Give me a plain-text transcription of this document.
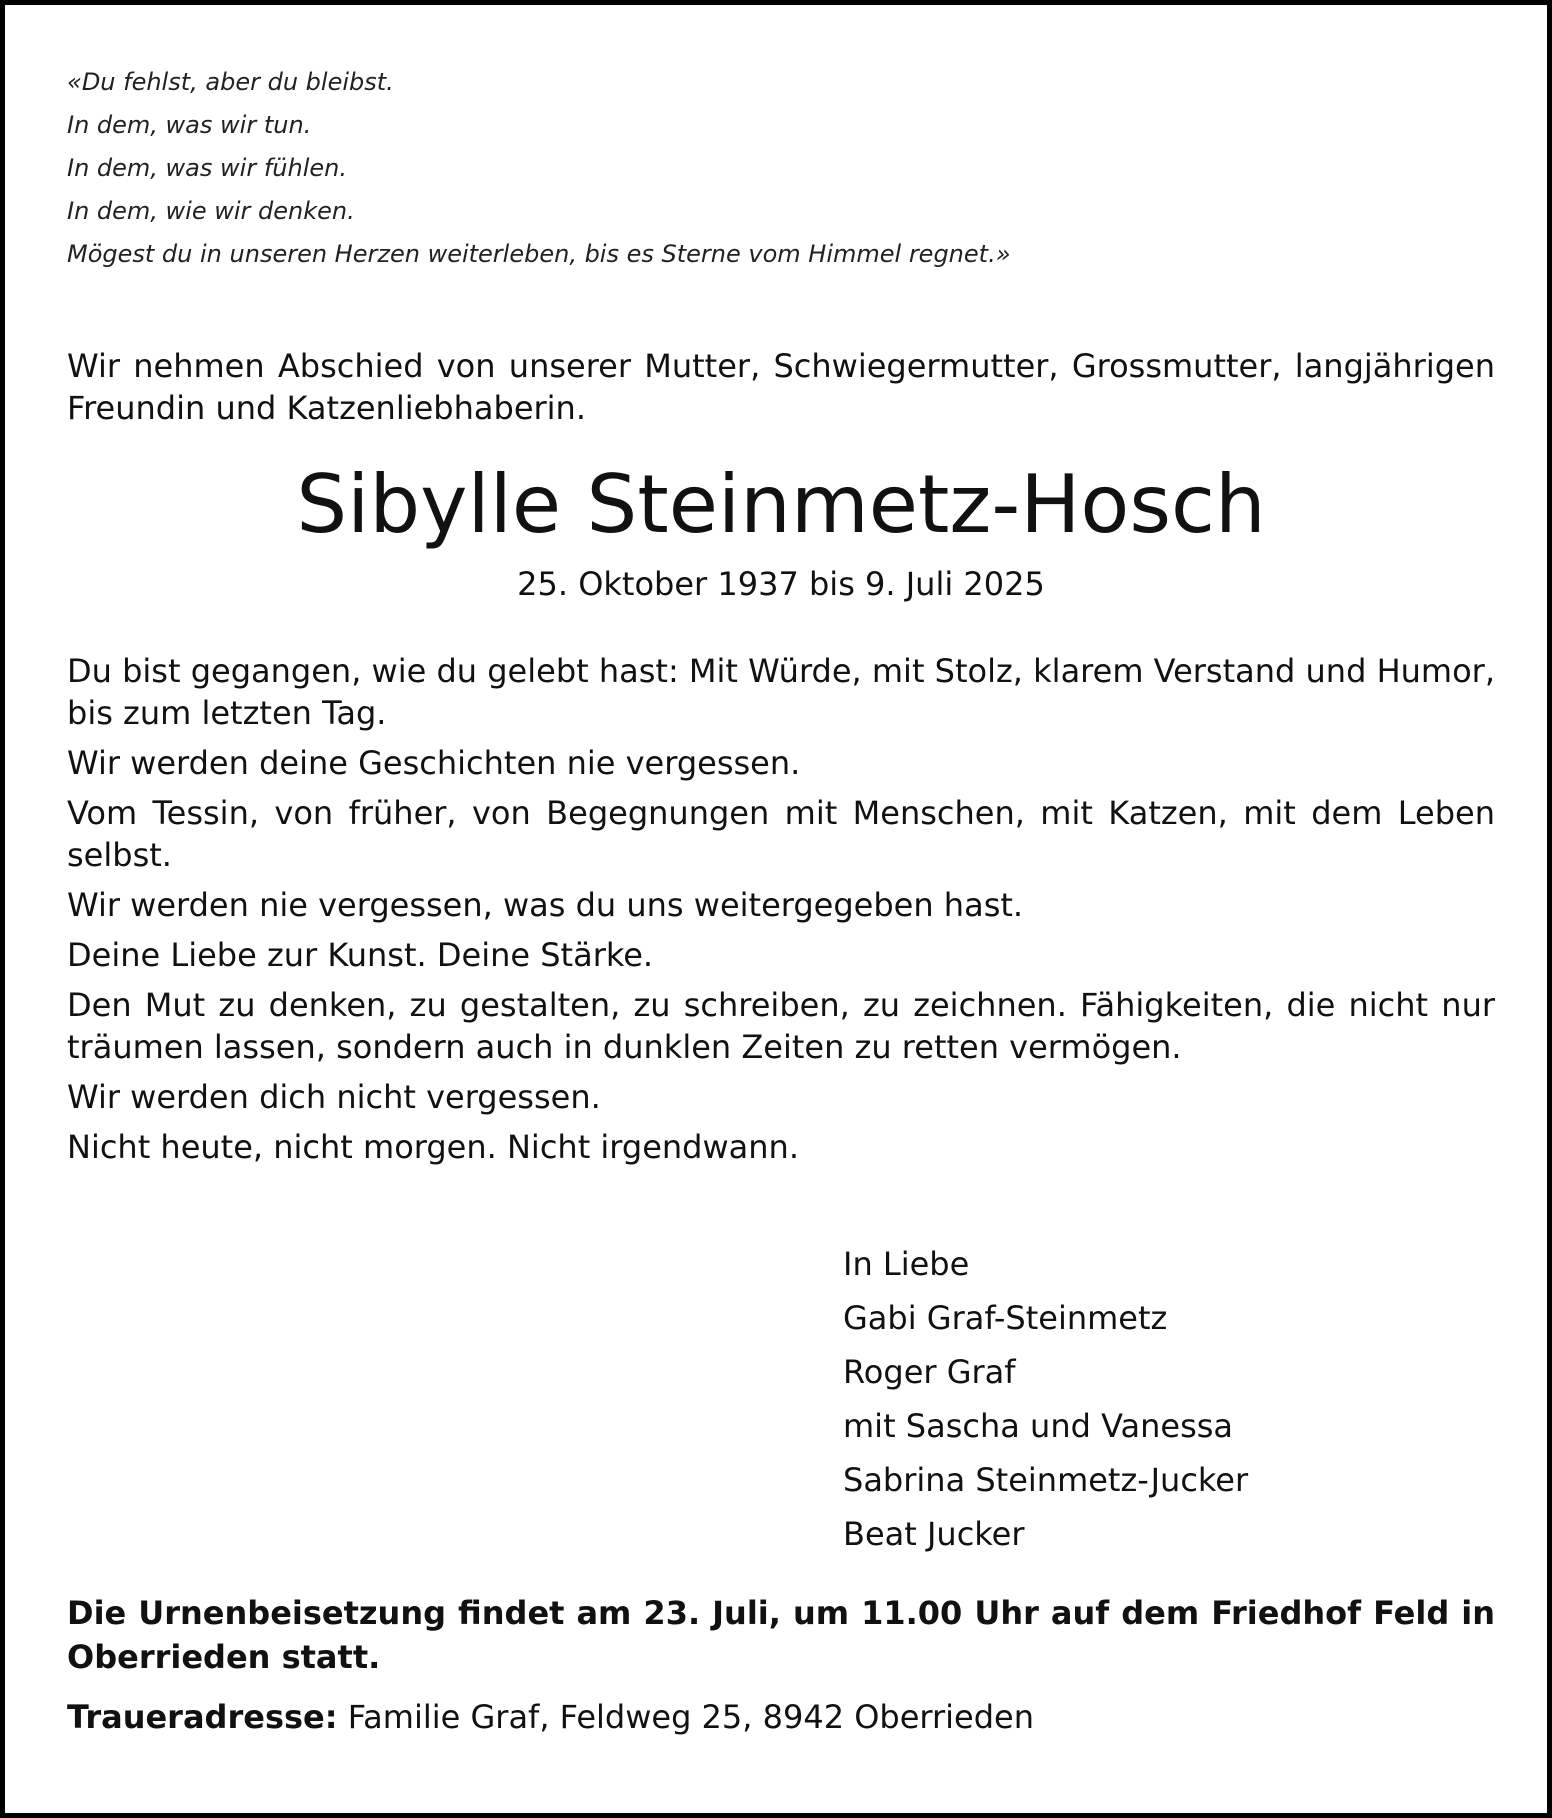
«Du fehlst, aber du bleibst.
In dem, was wir tun.
In dem, was wir fühlen.
In dem, wie wir denken.
Mögest du in unseren Herzen weiterleben, bis es Sterne vom Himmel regnet.»

Wir nehmen Abschied von unserer Mutter, Schwiegermutter, Grossmutter, langjährigen Freundin und Katzenliebhaberin.

Sibylle Steinmetz-Hosch

25. Oktober 1937 bis 9. Juli 2025

Du bist gegangen, wie du gelebt hast: Mit Würde, mit Stolz, klarem Verstand und Humor, bis zum letzten Tag.

Wir werden deine Geschichten nie vergessen.

Vom Tessin, von früher, von Begegnungen mit Menschen, mit Katzen, mit dem Leben selbst.

Wir werden nie vergessen, was du uns weitergegeben hast.

Deine Liebe zur Kunst. Deine Stärke.

Den Mut zu denken, zu gestalten, zu schreiben, zu zeichnen. Fähigkeiten, die nicht nur träumen lassen, sondern auch in dunklen Zeiten zu retten vermögen.

Wir werden dich nicht vergessen.

Nicht heute, nicht morgen. Nicht irgendwann.

In Liebe
Gabi Graf-Steinmetz
Roger Graf
mit Sascha und Vanessa
Sabrina Steinmetz-Jucker
Beat Jucker

Die Urnenbeisetzung findet am 23. Juli, um 11.00 Uhr auf dem Friedhof Feld in Oberrieden statt.

Traueradresse: Familie Graf, Feldweg 25, 8942 Oberrieden
